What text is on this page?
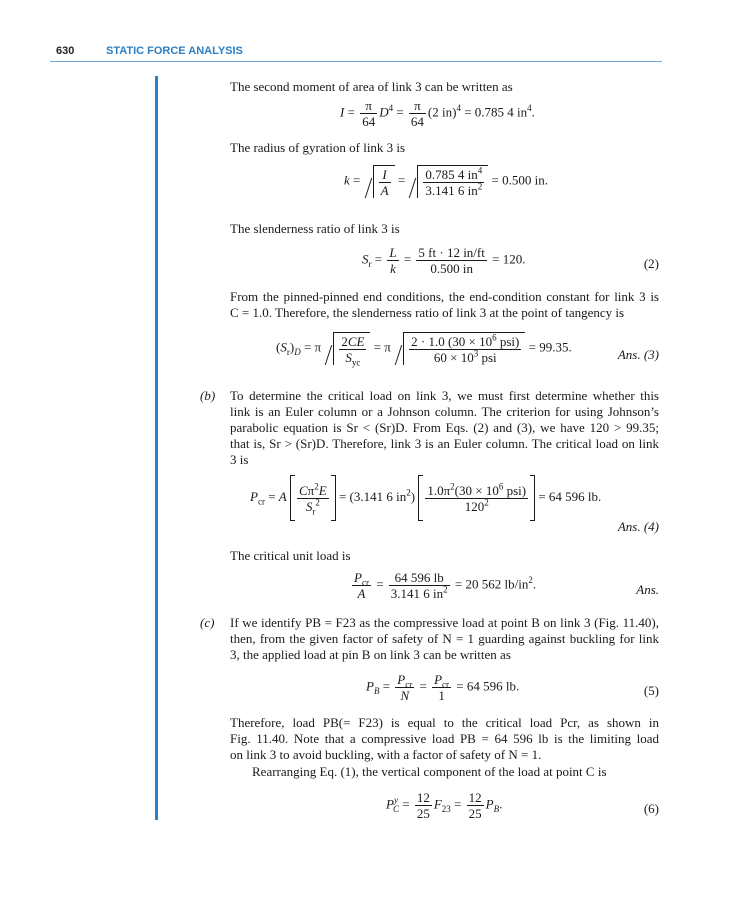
630	STATIC FORCE ANALYSIS
The second moment of area of link 3 can be written as
$I = \frac{\pi}{64} D^4 = \frac{\pi}{64} (2$ in)$^4$ = 0.785 4 $in^4$.
The radius of gyration of link 3 is
$k = \frac{I}{A} = \frac{0.785 4 in^4}{3.141 6 in^2} = 0.500$ in.
The slenderness ratio of link 3 is
$S_r = \frac{L}{k} = \frac{5 ft \cdot 12 in/ft}{0.500 in} = 120$.	(2)
From the pinned-pinned end conditions, the end-condition constant for link 3 is
C = 1.0. Therefore, the slenderness ratio of link 3 at the point of tangency is
$(S_r)_D = \pi \frac{2CE}{S_{yc}} = \pi \frac{2 \cdot 1.0 (30 \times 10^6 psi)}{60 \times 10^3 psi} = 99.35$.
Ans. (3)
(b) To determine the critical load on link 3, we must first determine whether this
link is an Euler column or a Johnson column. The criterion for using Johnson’s
parabolic equation is Sr < (Sr)D. From Eqs. (2) and (3), we have 120 > 99.35;
that is, Sr > (Sr)D. Therefore, link 3 is an Euler column. The critical load on link
3 is
$P_{cr} = A \frac{C\pi^2E}{S_r^2} = (3.141$ 6 $in^2) \frac{1.0\pi^2(30 \times 10^6 psi)}{120^2} = 64$ 596 lb.
Ans. (4)
The critical unit load is
$\frac{P_{cr}}{A} = \frac{64 596 lb}{3.141 6 in^2} = 20$ 562 $lb/in^2$.	Ans.
(c) If we identify PB = F23 as the compressive load at point B on link 3 (Fig. 11.40),
then, from the given factor of safety of N = 1 guarding against buckling for link
3, the applied load at pin B on link 3 can be written as
$P_B = \frac{P_{cr}}{N} = \frac{P_{cr}}{1} = 64$ 596 lb.	(5)
Therefore, load PB(= F23) is equal to the critical load Pcr, as shown in
Fig. 11.40. Note that a compressive load PB = 64 596 lb is the limiting load
on link 3 to avoid buckling, with a factor of safety of N = 1.
Rearranging Eq. (1), the vertical component of the load at point C is
$P^y_C = \frac{12}{25} F_{23} = \frac{12}{25} P_B$.	(6)
